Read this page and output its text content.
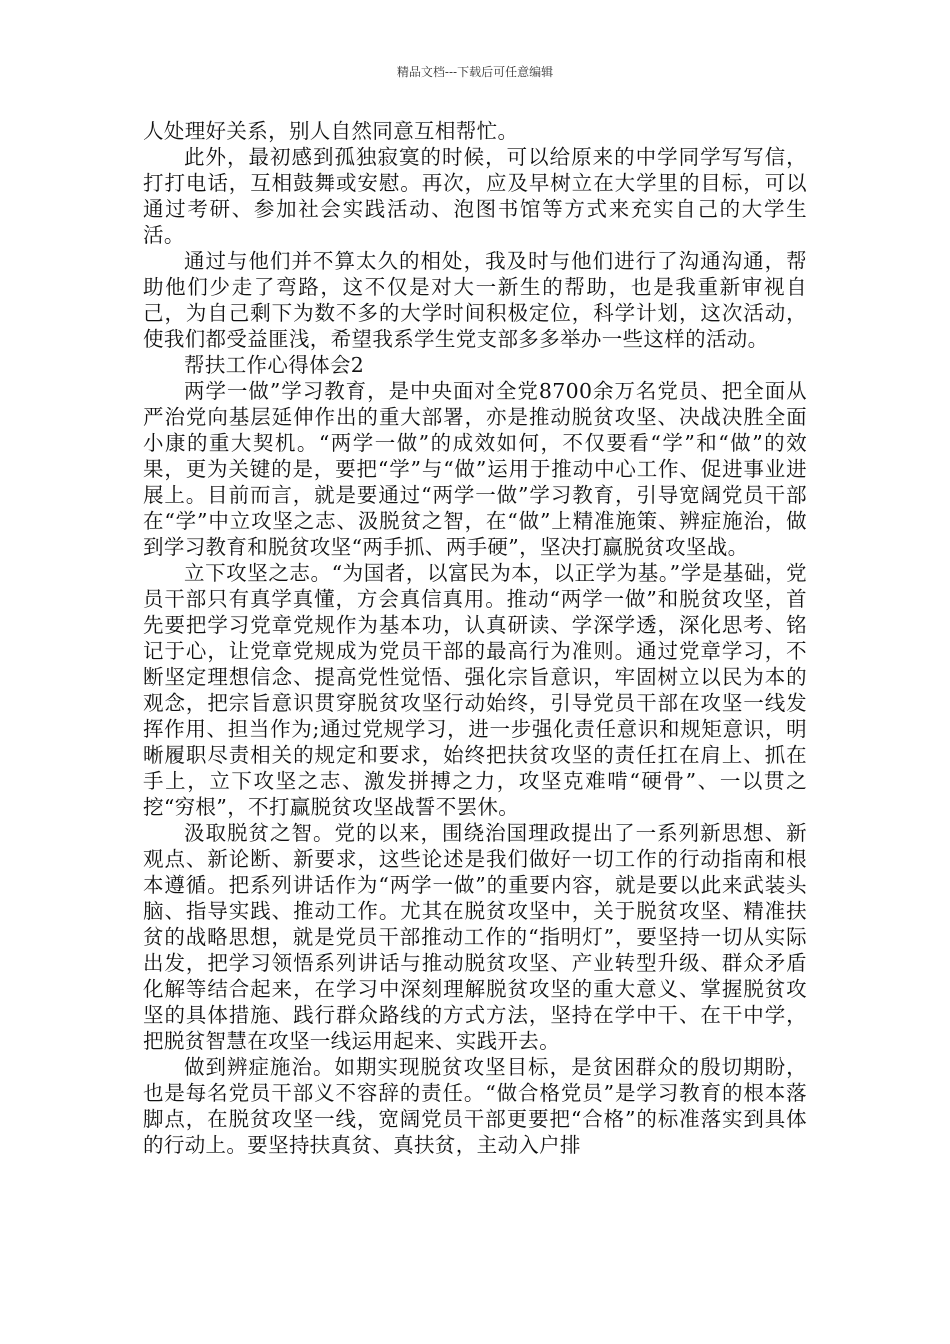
精品文档---下载后可任意编辑

人处理好关系，别人自然同意互相帮忙。

此外，最初感到孤独寂寞的时候，可以给原来的中学同学写写信，打打电话，互相鼓舞或安慰。再次，应及早树立在大学里的目标，可以通过考研、参加社会实践活动、泡图书馆等方式来充实自己的大学生活。

通过与他们并不算太久的相处，我及时与他们进行了沟通沟通，帮助他们少走了弯路，这不仅是对大一新生的帮助，也是我重新审视自己，为自己剩下为数不多的大学时间积极定位，科学计划，这次活动，使我们都受益匪浅，希望我系学生党支部多多举办一些这样的活动。

帮扶工作心得体会2

两学一做”学习教育，是中央面对全党8700余万名党员、把全面从严治党向基层延伸作出的重大部署，亦是推动脱贫攻坚、决战决胜全面小康的重大契机。“两学一做”的成效如何，不仅要看“学”和“做”的效果，更为关键的是，要把“学”与“做”运用于推动中心工作、促进事业进展上。目前而言，就是要通过“两学一做”学习教育，引导宽阔党员干部在“学”中立攻坚之志、汲脱贫之智，在“做”上精准施策、辨症施治，做到学习教育和脱贫攻坚“两手抓、两手硬”，坚决打赢脱贫攻坚战。

立下攻坚之志。“为国者，以富民为本，以正学为基。”学是基础，党员干部只有真学真懂，方会真信真用。推动“两学一做”和脱贫攻坚，首先要把学习党章党规作为基本功，认真研读、学深学透，深化思考、铭记于心，让党章党规成为党员干部的最高行为准则。通过党章学习，不断坚定理想信念、提高党性觉悟、强化宗旨意识，牢固树立以民为本的观念，把宗旨意识贯穿脱贫攻坚行动始终，引导党员干部在攻坚一线发挥作用、担当作为;通过党规学习，进一步强化责任意识和规矩意识，明晰履职尽责相关的规定和要求，始终把扶贫攻坚的责任扛在肩上、抓在手上，立下攻坚之志、激发拼搏之力，攻坚克难啃“硬骨”、一以贯之挖“穷根”，不打赢脱贫攻坚战誓不罢休。

汲取脱贫之智。党的以来，围绕治国理政提出了一系列新思想、新观点、新论断、新要求，这些论述是我们做好一切工作的行动指南和根本遵循。把系列讲话作为“两学一做”的重要内容，就是要以此来武装头脑、指导实践、推动工作。尤其在脱贫攻坚中，关于脱贫攻坚、精准扶贫的战略思想，就是党员干部推动工作的“指明灯”，要坚持一切从实际出发，把学习领悟系列讲话与推动脱贫攻坚、产业转型升级、群众矛盾化解等结合起来，在学习中深刻理解脱贫攻坚的重大意义、掌握脱贫攻坚的具体措施、践行群众路线的方式方法，坚持在学中干、在干中学，把脱贫智慧在攻坚一线运用起来、实践开去。

做到辨症施治。如期实现脱贫攻坚目标，是贫困群众的殷切期盼，也是每名党员干部义不容辞的责任。“做合格党员”是学习教育的根本落脚点，在脱贫攻坚一线，宽阔党员干部更要把“合格”的标准落实到具体的行动上。要坚持扶真贫、真扶贫，主动入户排
